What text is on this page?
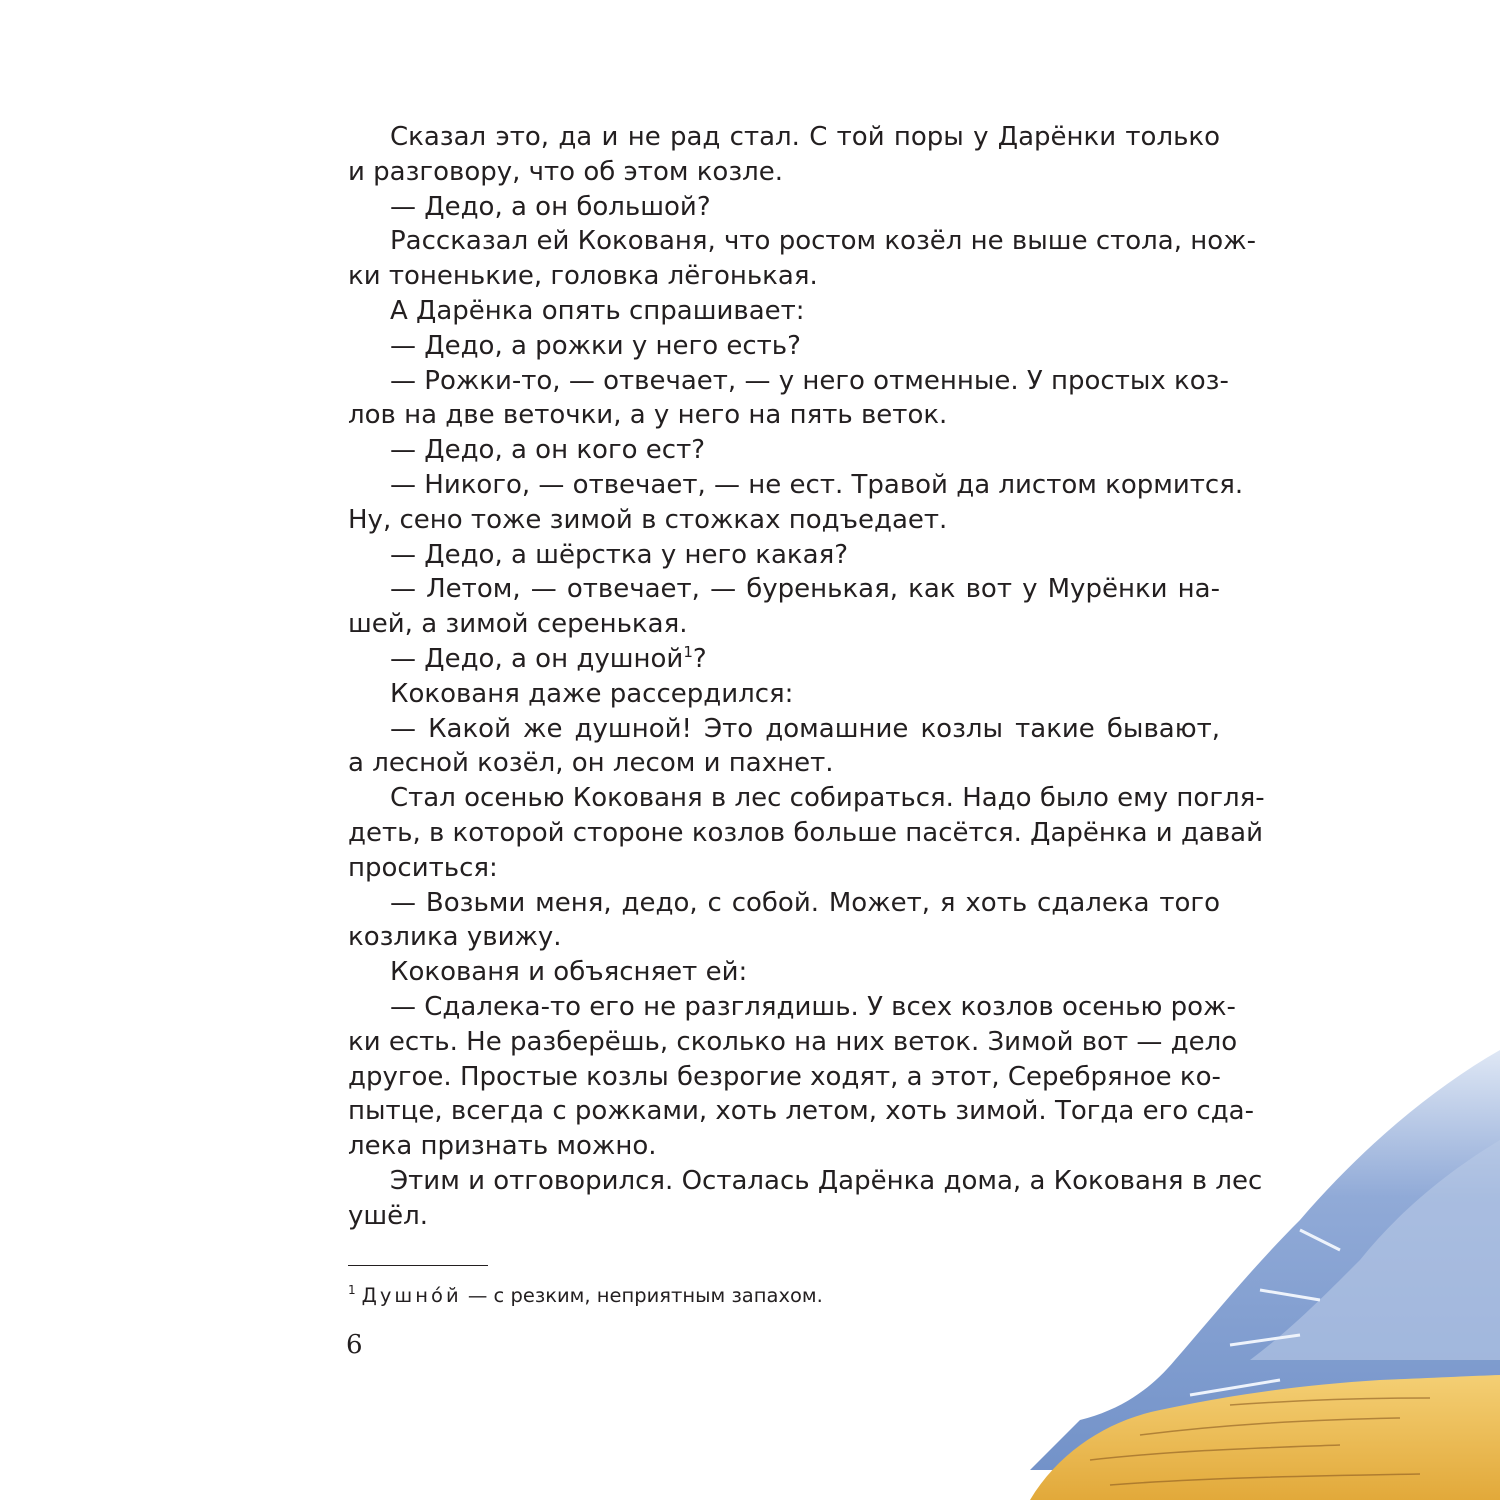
Сказал это, да и не рад стал. С той поры у Дарёнки только
и разговору, что об этом козле.
— Дедо, а он большой?
Рассказал ей Кокованя, что ростом козёл не выше стола, нож-
ки тоненькие, головка лёгонькая.
А Дарёнка опять спрашивает:
— Дедо, а рожки у него есть?
— Рожки-то, — отвечает, — у него отменные. У простых коз-
лов на две веточки, а у него на пять веток.
— Дедо, а он кого ест?
— Никого, — отвечает, — не ест. Травой да листом кормится.
Ну, сено тоже зимой в стожках подъедает.
— Дедо, а шёрстка у него какая?
— Летом, — отвечает, — буренькая, как вот у Мурёнки на-
шей, а зимой серенькая.
— Дедо, а он душной$^1$?
Кокованя даже рассердился:
— Какой же душной! Это домашние козлы такие бывают,
а лесной козёл, он лесом и пахнет.
Стал осенью Кокованя в лес собираться. Надо было ему погля-
деть, в которой стороне козлов больше пасётся. Дарёнка и давай
проситься:
— Возьми меня, дедо, с собой. Может, я хоть сдалека того
козлика увижу.
Кокованя и объясняет ей:
— Сдалека-то его не разглядишь. У всех козлов осенью рож-
ки есть. Не разберёшь, сколько на них веток. Зимой вот — дело
другое. Простые козлы безрогие ходят, а этот, Серебряное ко-
пытце, всегда с рожками, хоть летом, хоть зимой. Тогда его сда-
лека признать можно.
Этим и отговорился. Осталась Дарёнка дома, а Кокованя в лес
ушёл.
$^1$ Душно́й — с резким, неприятным запахом.
6
